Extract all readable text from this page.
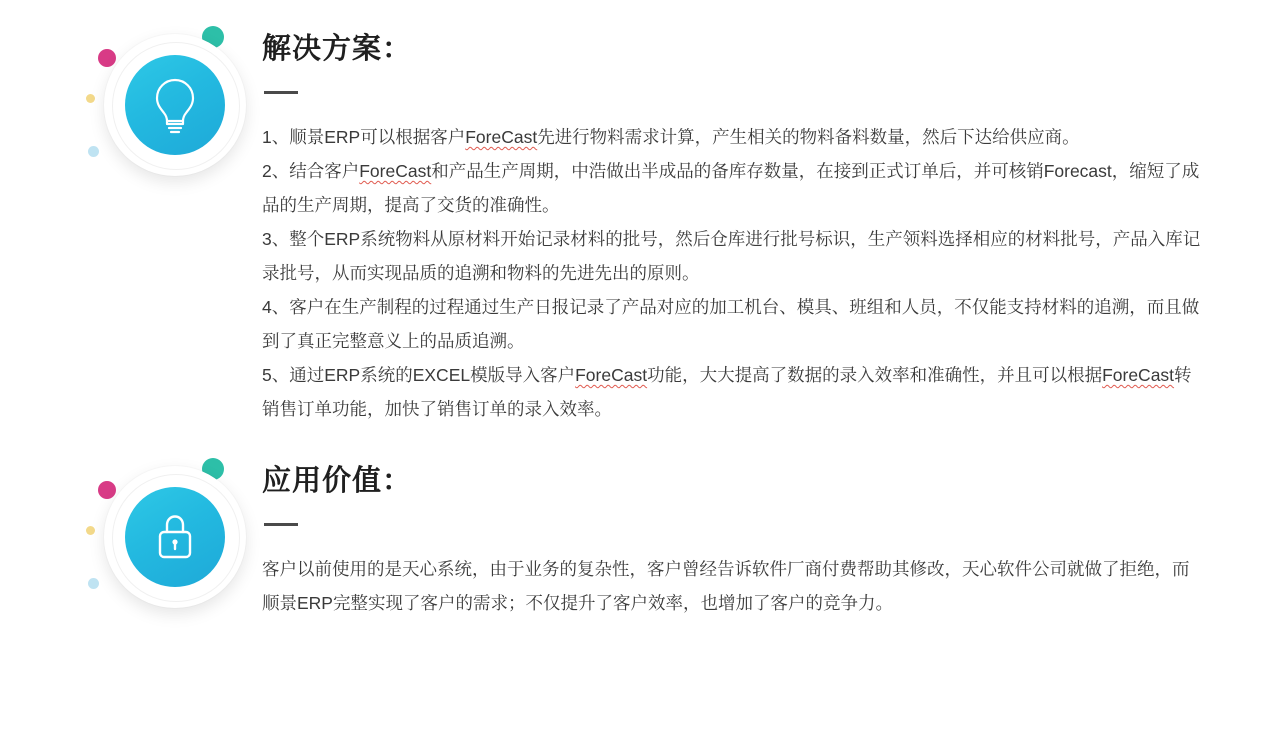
解决方案：

1、顺景ERP可以根据客户ForeCast先进行物料需求计算，产生相关的物料备料数量，然后下达给供应商。

2、结合客户ForeCast和产品生产周期，中浩做出半成品的备库存数量，在接到正式订单后，并可核销Forecast，缩短了成品的生产周期，提高了交货的准确性。

3、整个ERP系统物料从原材料开始记录材料的批号，然后仓库进行批号标识，生产领料选择相应的材料批号，产品入库记录批号，从而实现品质的追溯和物料的先进先出的原则。

4、客户在生产制程的过程通过生产日报记录了产品对应的加工机台、模具、班组和人员，不仅能支持材料的追溯，而且做到了真正完整意义上的品质追溯。

5、通过ERP系统的EXCEL模版导入客户ForeCast功能，大大提高了数据的录入效率和准确性，并且可以根据ForeCast转销售订单功能，加快了销售订单的录入效率。

应用价值：

客户以前使用的是天心系统，由于业务的复杂性，客户曾经告诉软件厂商付费帮助其修改，天心软件公司就做了拒绝，而顺景ERP完整实现了客户的需求；不仅提升了客户效率，也增加了客户的竞争力。
